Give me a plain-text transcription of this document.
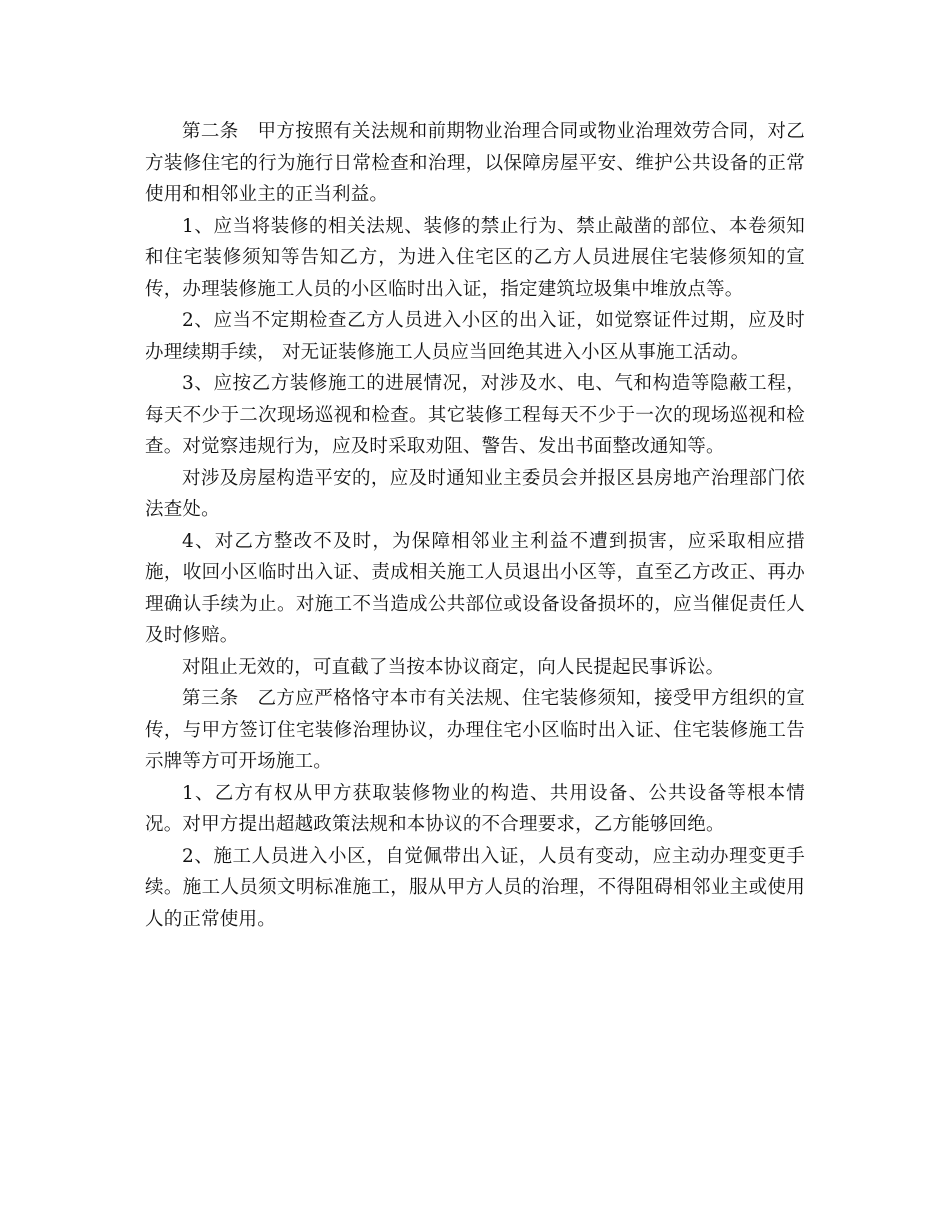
第二条　甲方按照有关法规和前期物业治理合同或物业治理效劳合同，对乙方装修住宅的行为施行日常检查和治理，以保障房屋平安、维护公共设备的正常使用和相邻业主的正当利益。

1、应当将装修的相关法规、装修的禁止行为、禁止敲凿的部位、本卷须知和住宅装修须知等告知乙方，为进入住宅区的乙方人员进展住宅装修须知的宣传，办理装修施工人员的小区临时出入证，指定建筑垃圾集中堆放点等。

2、应当不定期检查乙方人员进入小区的出入证，如觉察证件过期，应及时办理续期手续， 对无证装修施工人员应当回绝其进入小区从事施工活动。

3、应按乙方装修施工的进展情况，对涉及水、电、气和构造等隐蔽工程，每天不少于二次现场巡视和检查。其它装修工程每天不少于一次的现场巡视和检查。对觉察违规行为，应及时采取劝阻、警告、发出书面整改通知等。

对涉及房屋构造平安的，应及时通知业主委员会并报区县房地产治理部门依法查处。

4、对乙方整改不及时，为保障相邻业主利益不遭到损害，应采取相应措施，收回小区临时出入证、责成相关施工人员退出小区等，直至乙方改正、再办理确认手续为止。对施工不当造成公共部位或设备设备损坏的，应当催促责任人及时修赔。

对阻止无效的，可直截了当按本协议商定，向人民提起民事诉讼。

第三条　乙方应严格恪守本市有关法规、住宅装修须知，接受甲方组织的宣传，与甲方签订住宅装修治理协议，办理住宅小区临时出入证、住宅装修施工告示牌等方可开场施工。

1、乙方有权从甲方获取装修物业的构造、共用设备、公共设备等根本情况。对甲方提出超越政策法规和本协议的不合理要求，乙方能够回绝。

2、施工人员进入小区，自觉佩带出入证，人员有变动，应主动办理变更手续。施工人员须文明标准施工，服从甲方人员的治理，不得阻碍相邻业主或使用人的正常使用。
